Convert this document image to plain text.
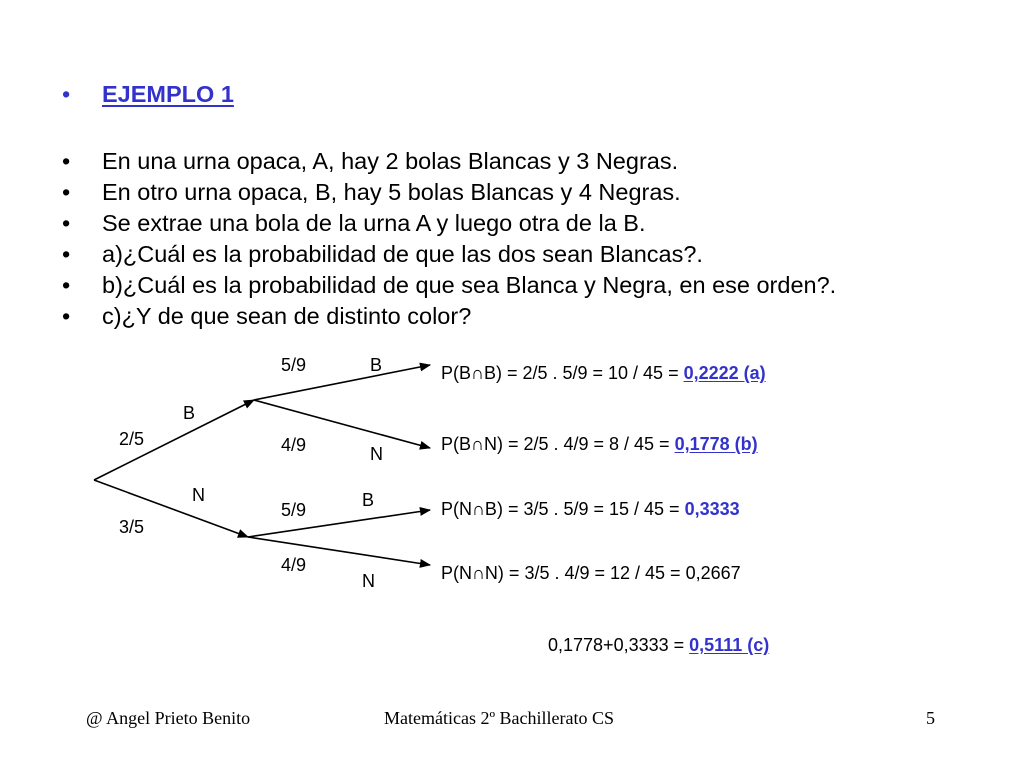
•	EJEMPLO 1
•	En una urna opaca, A, hay 2 bolas Blancas y 3 Negras.
•	En otro urna opaca, B, hay 5 bolas Blancas y 4 Negras.
•	Se extrae una bola de la urna A y luego otra de la B.
•	a)¿Cuál es la probabilidad de que las dos sean Blancas?.
•	b)¿Cuál es la probabilidad de que sea Blanca y Negra, en ese orden?.
•	c)¿Y de que sean de distinto color?
B
2/5
N
3/5
5/9	B
4/9	N
5/9	B
4/9
N
P(B∩B) = 2/5 . 5/9 = 10 / 45 = 0,2222 (a)
P(B∩N) = 2/5 . 4/9 = 8 / 45 = 0,1778 (b)
P(N∩B) = 3/5 . 5/9 = 15 / 45 = 0,3333
P(N∩N) = 3/5 . 4/9 = 12 / 45 = 0,2667
0,1778+0,3333 = 0,5111 (c)
@ Angel Prieto Benito	Matemáticas 2º Bachillerato CS	5
